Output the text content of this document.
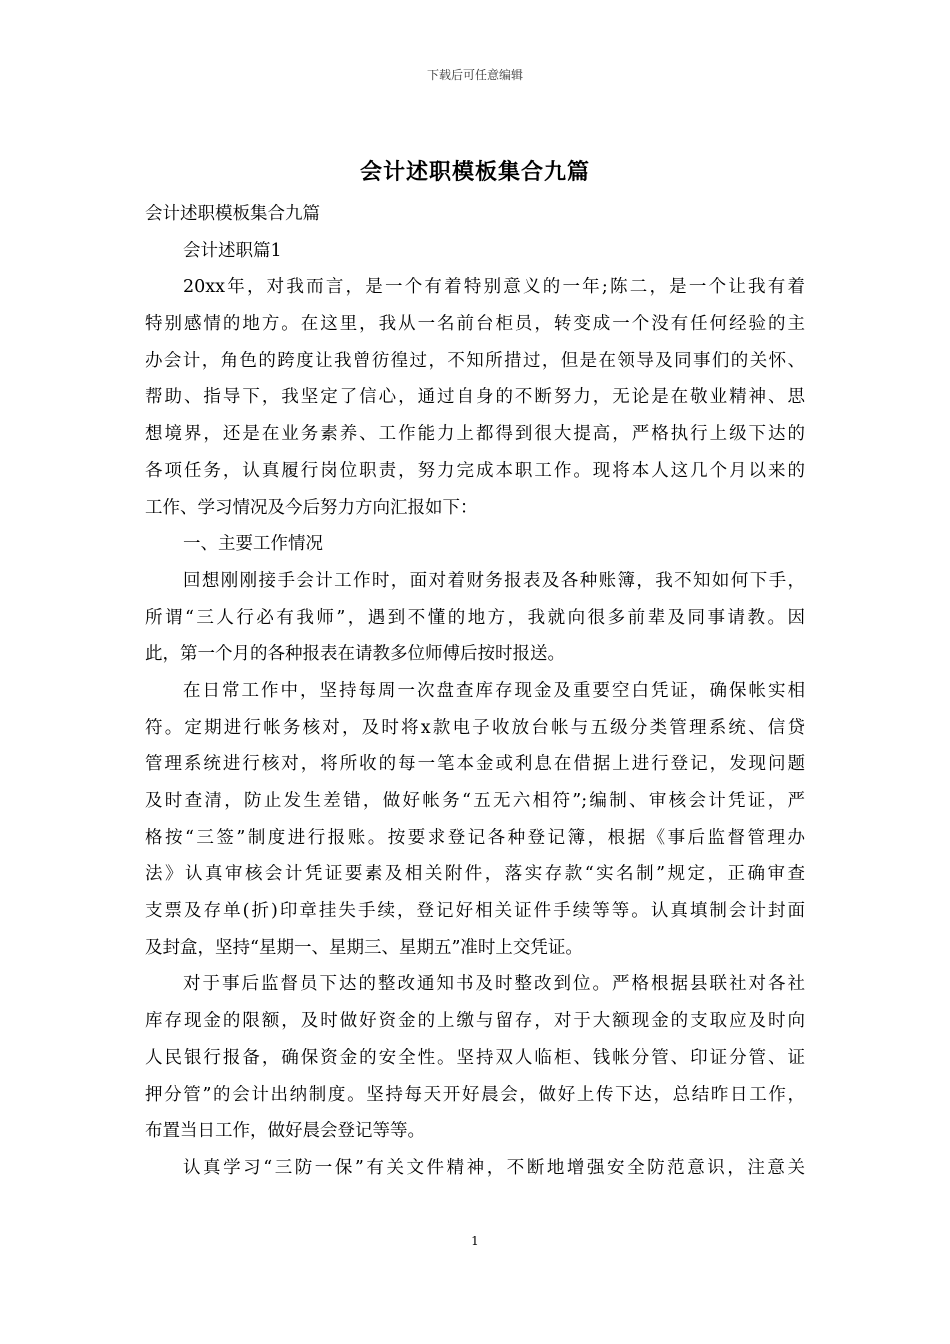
下载后可任意编辑
会计述职模板集合九篇
会计述职模板集合九篇
会计述职篇1
20xx年，对我而言，是一个有着特别意义的一年;陈二，是一个让我有着
特别感情的地方。在这里，我从一名前台柜员，转变成一个没有任何经验的主
办会计，角色的跨度让我曾彷徨过，不知所措过，但是在领导及同事们的关怀、
帮助、指导下，我坚定了信心，通过自身的不断努力，无论是在敬业精神、思
想境界，还是在业务素养、工作能力上都得到很大提高，严格执行上级下达的
各项任务，认真履行岗位职责，努力完成本职工作。现将本人这几个月以来的
工作、学习情况及今后努力方向汇报如下：
一、主要工作情况
回想刚刚接手会计工作时，面对着财务报表及各种账簿，我不知如何下手，
所谓“三人行必有我师”，遇到不懂的地方，我就向很多前辈及同事请教。因
此，第一个月的各种报表在请教多位师傅后按时报送。
在日常工作中，坚持每周一次盘查库存现金及重要空白凭证，确保帐实相
符。定期进行帐务核对，及时将x款电子收放台帐与五级分类管理系统、信贷
管理系统进行核对，将所收的每一笔本金或利息在借据上进行登记，发现问题
及时查清，防止发生差错，做好帐务“五无六相符”;编制、审核会计凭证，严
格按“三签”制度进行报账。按要求登记各种登记簿，根据《事后监督管理办
法》认真审核会计凭证要素及相关附件，落实存款“实名制”规定，正确审查
支票及存单(折)印章挂失手续，登记好相关证件手续等等。认真填制会计封面
及封盒，坚持“星期一、星期三、星期五”准时上交凭证。
对于事后监督员下达的整改通知书及时整改到位。严格根据县联社对各社
库存现金的限额，及时做好资金的上缴与留存，对于大额现金的支取应及时向
人民银行报备，确保资金的安全性。坚持双人临柜、钱帐分管、印证分管、证
押分管”的会计出纳制度。坚持每天开好晨会，做好上传下达，总结昨日工作，
布置当日工作，做好晨会登记等等。
认真学习“三防一保”有关文件精神，不断地增强安全防范意识，注意关
1
